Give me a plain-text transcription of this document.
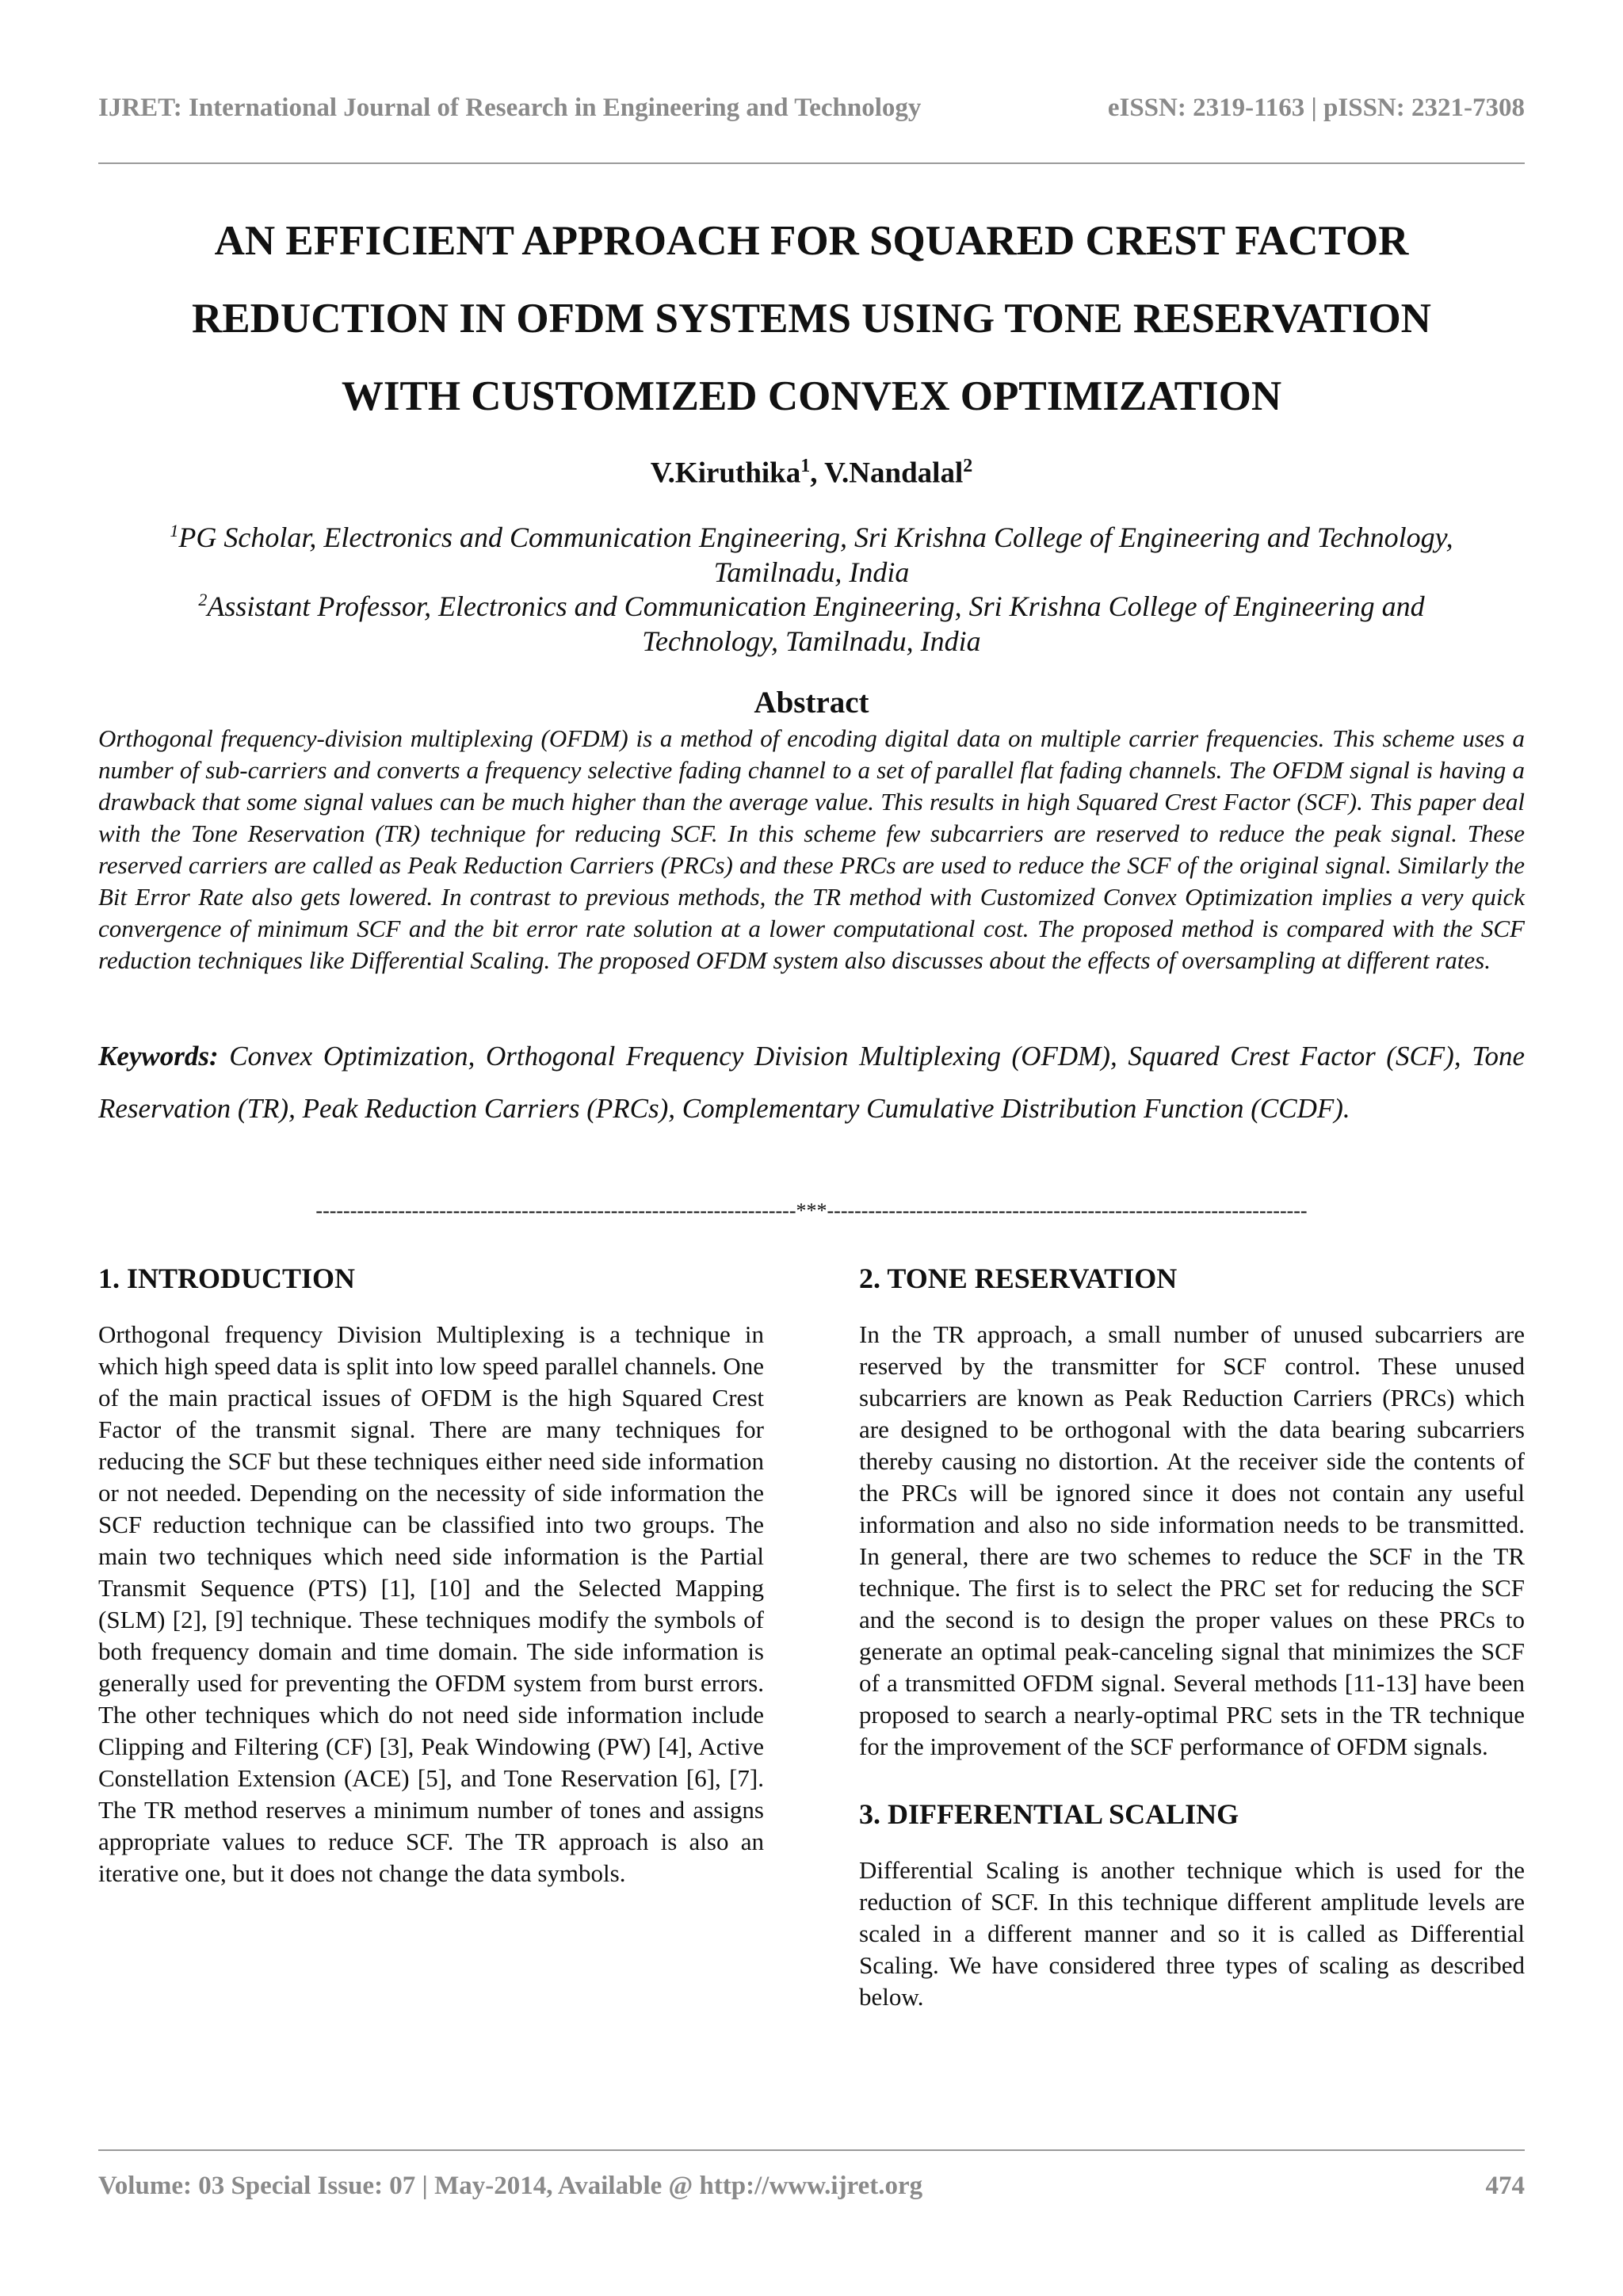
IJRET: International Journal of Research in Engineering and Technology	eISSN: 2319-1163 | pISSN: 2321-7308
AN EFFICIENT APPROACH FOR SQUARED CREST FACTOR
REDUCTION IN OFDM SYSTEMS USING TONE RESERVATION
WITH CUSTOMIZED CONVEX OPTIMIZATION
V.Kiruthika$^1$, V.Nandalal$^2$
$^1$PG Scholar, Electronics and Communication Engineering, Sri Krishna College of Engineering and Technology,
Tamilnadu, India
$^2$Assistant Professor, Electronics and Communication Engineering, Sri Krishna College of Engineering and
Technology, Tamilnadu, India
Abstract
Orthogonal frequency-division multiplexing (OFDM) is a method of encoding digital data on multiple carrier frequencies. This scheme uses a number of sub-carriers and converts a frequency selective fading channel to a set of parallel flat fading channels. The OFDM signal is having a drawback that some signal values can be much higher than the average value. This results in high Squared Crest Factor (SCF). This paper deal with the Tone Reservation (TR) technique for reducing SCF. In this scheme few subcarriers are reserved to reduce the peak signal. These reserved carriers are called as Peak Reduction Carriers (PRCs) and these PRCs are used to reduce the SCF of the original signal. Similarly the Bit Error Rate also gets lowered. In contrast to previous methods, the TR method with Customized Convex Optimization implies a very quick convergence of minimum SCF and the bit error rate solution at a lower computational cost. The proposed method is compared with the SCF reduction techniques like Differential Scaling. The proposed OFDM system also discusses about the effects of oversampling at different rates.
Keywords: Convex Optimization, Orthogonal Frequency Division Multiplexing (OFDM), Squared Crest Factor (SCF), Tone Reservation (TR), Peak Reduction Carriers (PRCs), Complementary Cumulative Distribution Function (CCDF).
----------------------------------------------------------------------***----------------------------------------------------------------------
1. INTRODUCTION

Orthogonal frequency Division Multiplexing is a technique in which high speed data is split into low speed parallel channels. One of the main practical issues of OFDM is the high Squared Crest Factor of the transmit signal. There are many techniques for reducing the SCF but these techniques either need side information or not needed. Depending on the necessity of side information the SCF reduction technique can be classified into two groups. The main two techniques which need side information is the Partial Transmit Sequence (PTS) [1], [10] and the Selected Mapping (SLM) [2], [9] technique. These techniques modify the symbols of both frequency domain and time domain. The side information is generally used for preventing the OFDM system from burst errors. The other techniques which do not need side information include Clipping and Filtering (CF) [3], Peak Windowing (PW) [4], Active Constellation Extension (ACE) [5], and Tone Reservation [6], [7]. The TR method reserves a minimum number of tones and assigns appropriate values to reduce SCF. The TR approach is also an iterative one, but it does not change the data symbols.

2. TONE RESERVATION

In the TR approach, a small number of unused subcarriers are reserved by the transmitter for SCF control. These unused subcarriers are known as Peak Reduction Carriers (PRCs) which are designed to be orthogonal with the data bearing subcarriers thereby causing no distortion. At the receiver side the contents of the PRCs will be ignored since it does not contain any useful information and also no side information needs to be transmitted. In general, there are two schemes to reduce the SCF in the TR technique. The first is to select the PRC set for reducing the SCF and the second is to design the proper values on these PRCs to generate an optimal peak-canceling signal that minimizes the SCF of a transmitted OFDM signal. Several methods [11-13] have been proposed to search a nearly-optimal PRC sets in the TR technique for the improvement of the SCF performance of OFDM signals.

3. DIFFERENTIAL SCALING

Differential Scaling is another technique which is used for the reduction of SCF. In this technique different amplitude levels are scaled in a different manner and so it is called as Differential Scaling. We have considered three types of scaling as described below.

Volume: 03 Special Issue: 07 | May-2014, Available @ http://www.ijret.org	474
